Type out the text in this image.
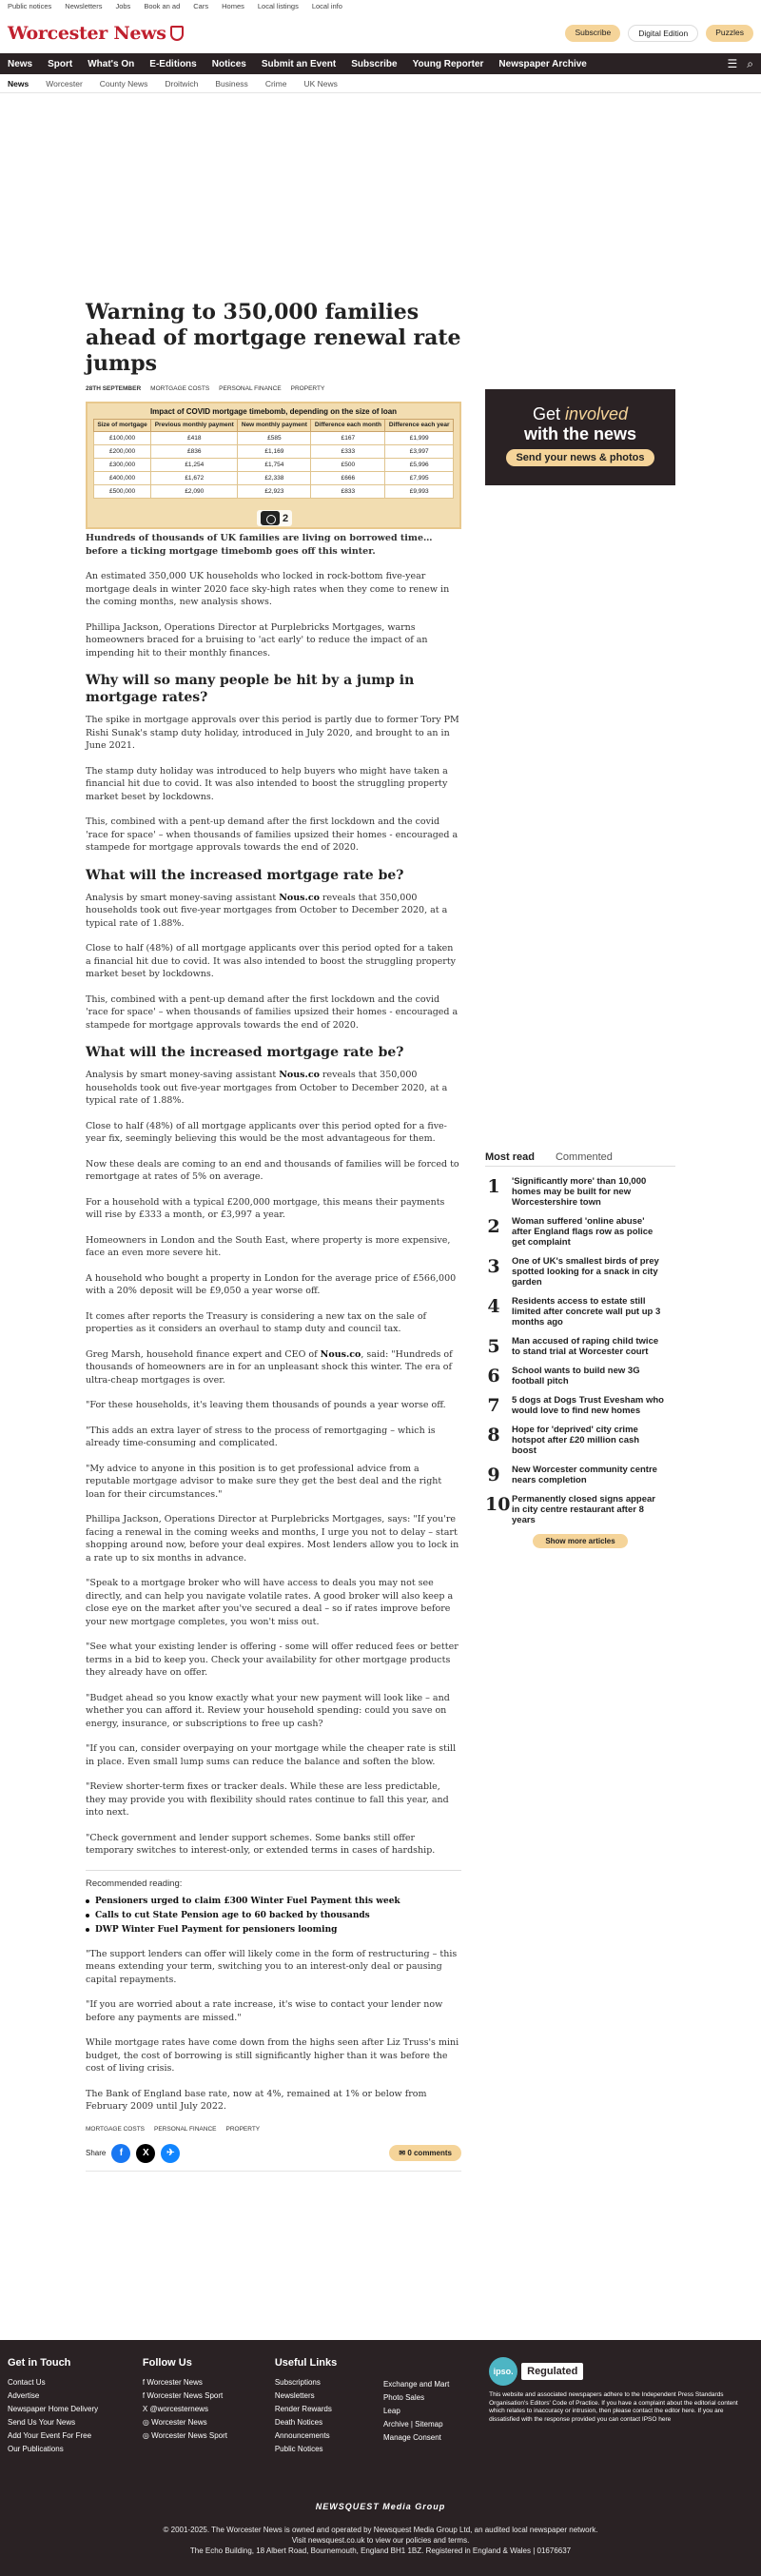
Public notices Newsletters Jobs Book an ad Cars Homes Local listings Local info
Worcester News	Subscribe	Digital Edition	Puzzles
News Sport What's On E-Editions Notices Submit an Event Subscribe Young Reporter Newspaper Archive	☰ ⌕
News Worcester County News Droitwich Business Crime UK News
Warning to 350,000 families ahead of mortgage renewal rate jumps
28TH SEPTEMBER MORTGAGE COSTS PERSONAL FINANCE PROPERTY
Impact of COVID mortgage timebomb, depending on the size of loan
Size of mortgage	Previous monthly payment	New monthly payment	Difference each month	Difference each year
£100,000	£418	£585	£167	£1,999
£200,000	£836	£1,169	£333	£3,997
£300,000	£1,254	£1,754	£500	£5,996
£400,000	£1,672	£2,338	£666	£7,995
£500,000	£2,090	£2,923	£833	£9,993
2

Hundreds of thousands of UK families are living on borrowed time… before a ticking mortgage timebomb goes off this winter.

An estimated 350,000 UK households who locked in rock-bottom five-year mortgage deals in winter 2020 face sky-high rates when they come to renew in the coming months, new analysis shows.

Phillipa Jackson, Operations Director at Purplebricks Mortgages, warns homeowners braced for a bruising to 'act early' to reduce the impact of an impending hit to their monthly finances.

Why will so many people be hit by a jump in mortgage rates?

The spike in mortgage approvals over this period is partly due to former Tory PM Rishi Sunak's stamp duty holiday, introduced in July 2020, and brought to an in June 2021.

The stamp duty holiday was introduced to help buyers who might have taken a financial hit due to covid. It was also intended to boost the struggling property market beset by lockdowns.

This, combined with a pent-up demand after the first lockdown and the covid 'race for space' – when thousands of families upsized their homes - encouraged a stampede for mortgage approvals towards the end of 2020.

What will the increased mortgage rate be?

Analysis by smart money-saving assistant Nous.co reveals that 350,000 households took out five-year mortgages from October to December 2020, at a typical rate of 1.88%.

Close to half (48%) of all mortgage applicants over this period opted for a taken a financial hit due to covid. It was also intended to boost the struggling property market beset by lockdowns.

This, combined with a pent-up demand after the first lockdown and the covid 'race for space' – when thousands of families upsized their homes - encouraged a stampede for mortgage approvals towards the end of 2020.

What will the increased mortgage rate be?

Analysis by smart money-saving assistant Nous.co reveals that 350,000 households took out five-year mortgages from October to December 2020, at a typical rate of 1.88%.

Close to half (48%) of all mortgage applicants over this period opted for a five-year fix, seemingly believing this would be the most advantageous for them.

Now these deals are coming to an end and thousands of families will be forced to remortgage at rates of 5% on average.

For a household with a typical £200,000 mortgage, this means their payments will rise by £333 a month, or £3,997 a year.

Homeowners in London and the South East, where property is more expensive, face an even more severe hit.

A household who bought a property in London for the average price of £566,000 with a 20% deposit will be £9,050 a year worse off.

It comes after reports the Treasury is considering a new tax on the sale of properties as it considers an overhaul to stamp duty and council tax.

Greg Marsh, household finance expert and CEO of Nous.co, said: "Hundreds of thousands of homeowners are in for an unpleasant shock this winter. The era of ultra-cheap mortgages is over.

"For these households, it's leaving them thousands of pounds a year worse off.

"This adds an extra layer of stress to the process of remortgaging – which is already time-consuming and complicated.

"My advice to anyone in this position is to get professional advice from a reputable mortgage advisor to make sure they get the best deal and the right loan for their circumstances."

Phillipa Jackson, Operations Director at Purplebricks Mortgages, says: "If you're facing a renewal in the coming weeks and months, I urge you not to delay – start shopping around now, before your deal expires. Most lenders allow you to lock in a rate up to six months in advance.

"Speak to a mortgage broker who will have access to deals you may not see directly, and can help you navigate volatile rates. A good broker will also keep a close eye on the market after you've secured a deal – so if rates improve before your new mortgage completes, you won't miss out.

"See what your existing lender is offering - some will offer reduced fees or better terms in a bid to keep you. Check your availability for other mortgage products they already have on offer.

"Budget ahead so you know exactly what your new payment will look like – and whether you can afford it. Review your household spending: could you save on energy, insurance, or subscriptions to free up cash?

"If you can, consider overpaying on your mortgage while the cheaper rate is still in place. Even small lump sums can reduce the balance and soften the blow.

"Review shorter-term fixes or tracker deals. While these are less predictable, they may provide you with flexibility should rates continue to fall this year, and into next.

"Check government and lender support schemes. Some banks still offer temporary switches to interest-only, or extended terms in cases of hardship.

Recommended reading:
Pensioners urged to claim £300 Winter Fuel Payment this week
Calls to cut State Pension age to 60 backed by thousands
DWP Winter Fuel Payment for pensioners looming

"The support lenders can offer will likely come in the form of restructuring – this means extending your term, switching you to an interest-only deal or pausing capital repayments.

"If you are worried about a rate increase, it's wise to contact your lender now before any payments are missed."

While mortgage rates have come down from the highs seen after Liz Truss's mini budget, the cost of borrowing is still significantly higher than it was before the cost of living crisis.

The Bank of England base rate, now at 4%, remained at 1% or below from February 2009 until July 2022.

MORTGAGE COSTS PERSONAL FINANCE PROPERTY
Share	f	X	✈	✉ 0 comments
Get involved
with the news
Send your news & photos
Most read Commented
1 'Significantly more' than 10,000 homes may be built for new Worcestershire town
2 Woman suffered 'online abuse' after England flags row as police get complaint
3 One of UK's smallest birds of prey spotted looking for a snack in city garden
4 Residents access to estate still limited after concrete wall put up 3 months ago
5 Man accused of raping child twice to stand trial at Worcester court
6 School wants to build new 3G football pitch
7 5 dogs at Dogs Trust Evesham who would love to find new homes
8 Hope for 'deprived' city crime hotspot after £20 million cash boost
9 New Worcester community centre nears completion
10 Permanently closed signs appear in city centre restaurant after 8 years
Show more articles
Get in Touch
Contact Us
Advertise
Newspaper Home Delivery
Send Us Your News
Add Your Event For Free
Our Publications
Follow Us
f Worcester News
f Worcester News Sport
X @worcesternews
◎ Worcester News
◎ Worcester News Sport
Useful Links
Subscriptions
Newsletters
Render Rewards
Death Notices
Announcements
Public Notices
Exchange and Mart
Photo Sales
Leap
Archive | Sitemap
Manage Consent
ipso.	Regulated
This website and associated newspapers adhere to the Independent Press Standards Organisation's Editors' Code of Practice. If you have a complaint about the editorial content which relates to inaccuracy or intrusion, then please contact the editor here. If you are dissatisfied with the response provided you can contact IPSO here
NEWSQUEST Media Group
© 2001-2025. The Worcester News is owned and operated by Newsquest Media Group Ltd, an audited local newspaper network.
Visit newsquest.co.uk to view our policies and terms.
The Echo Building, 18 Albert Road, Bournemouth, England BH1 1BZ. Registered in England & Wales | 01676637
